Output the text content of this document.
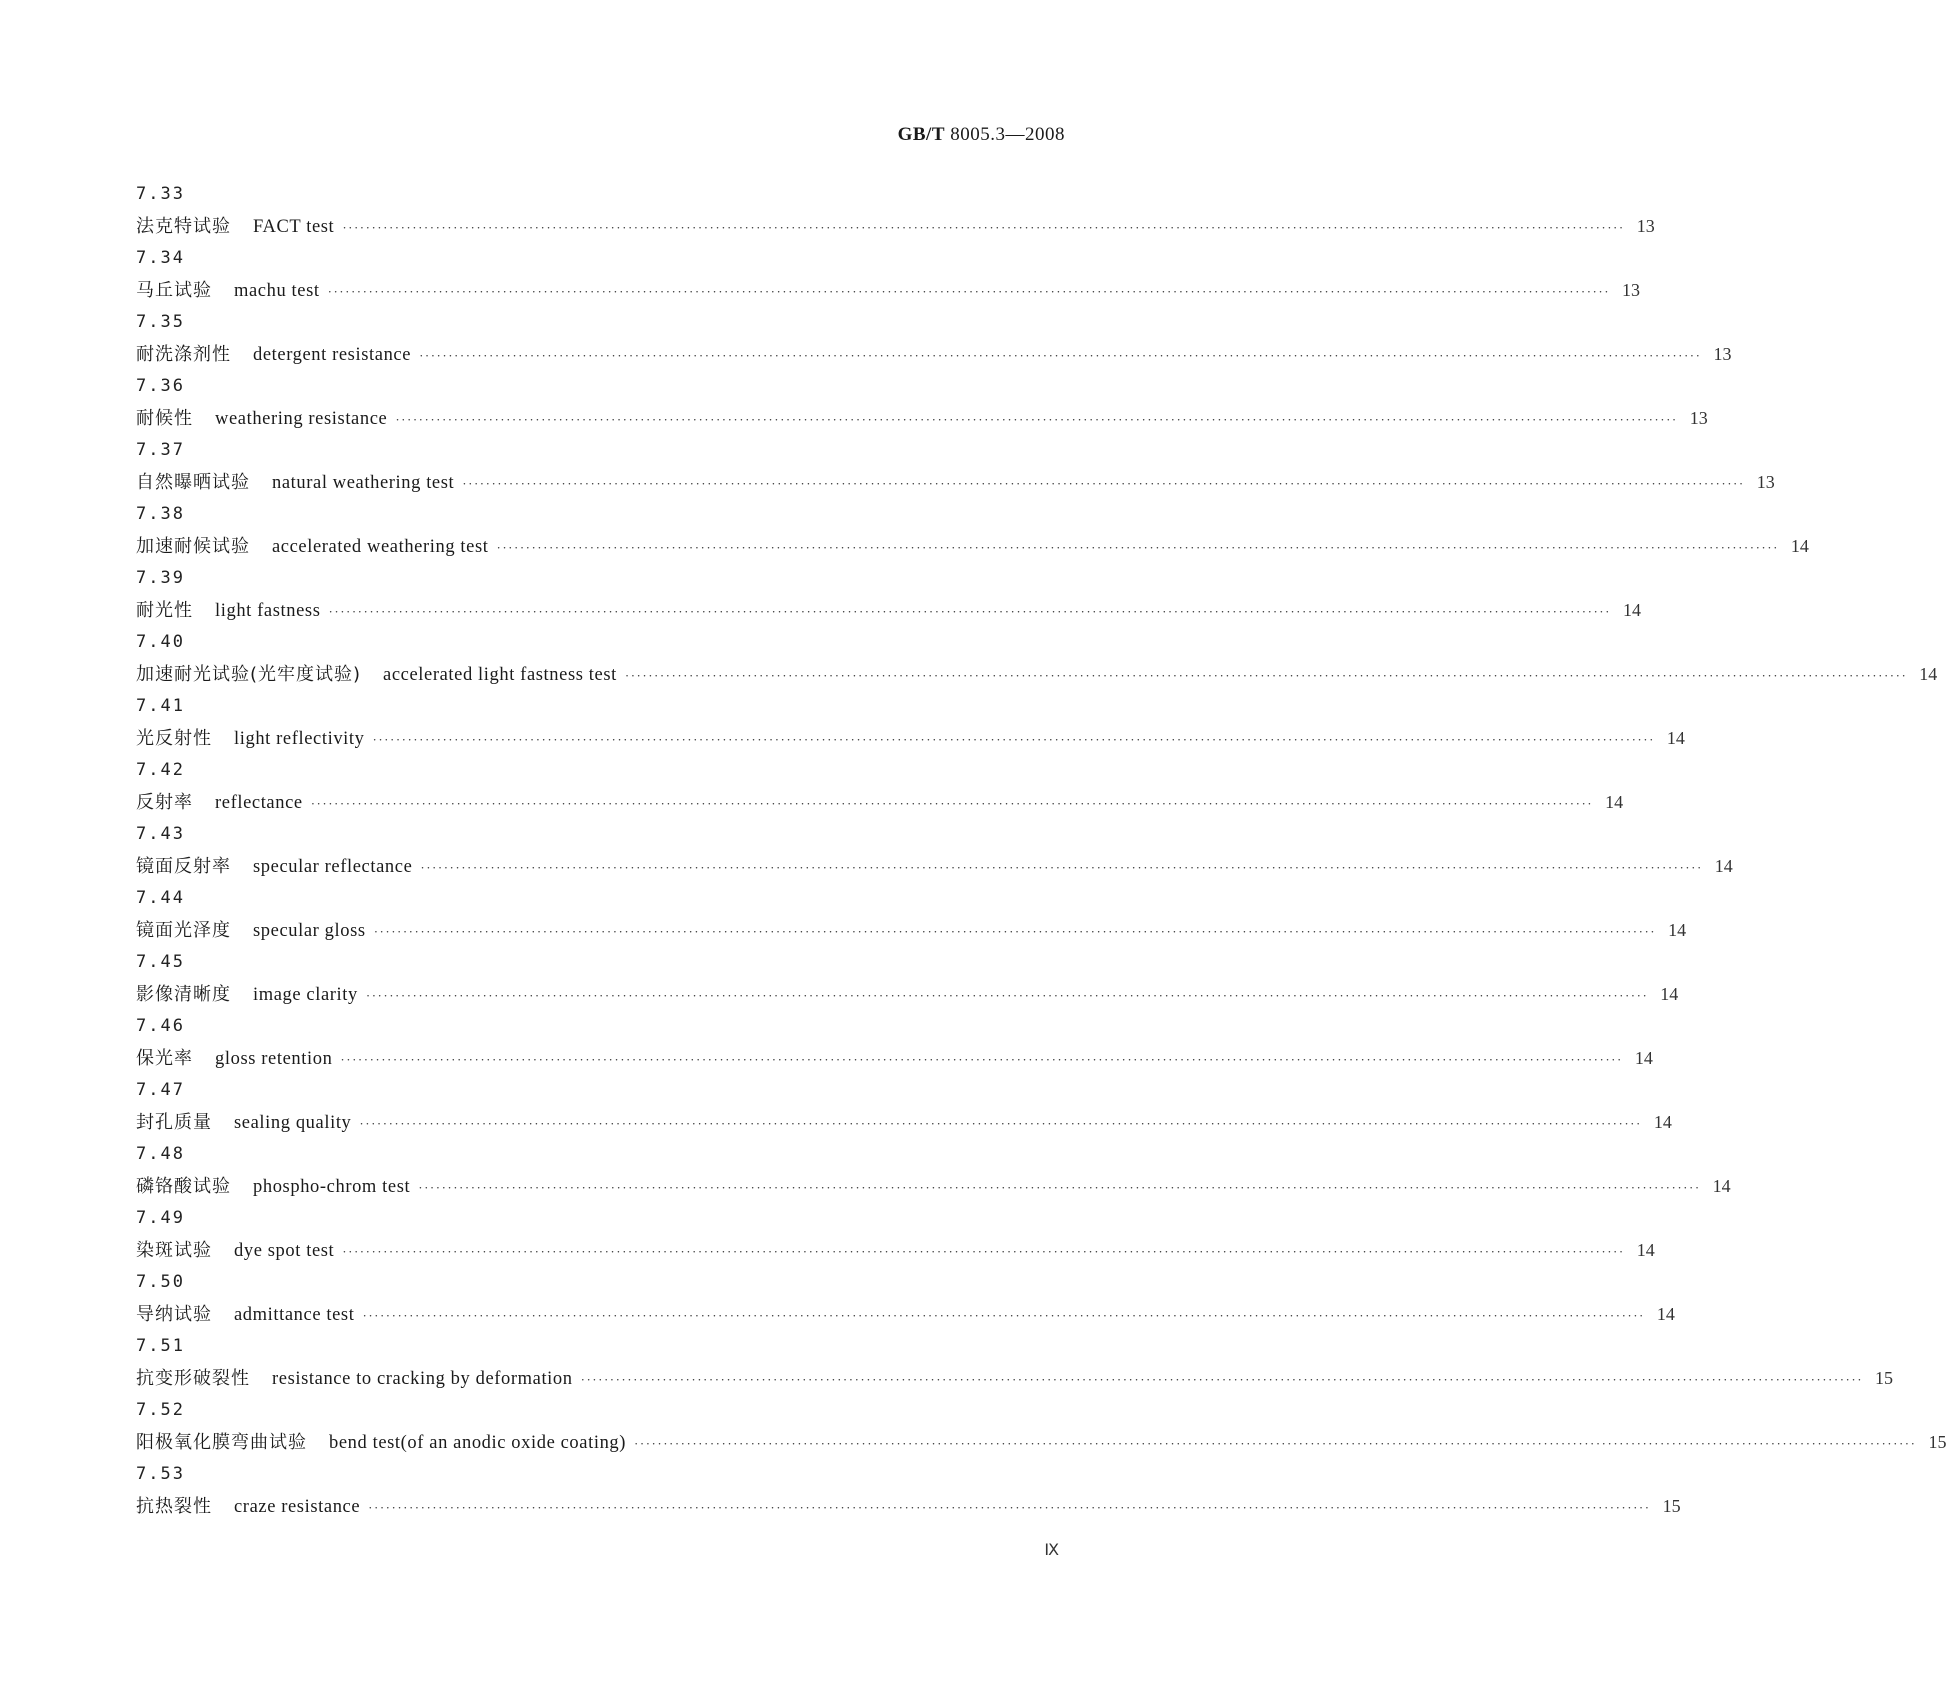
GB/T 8005.3—2008
7.33
法克特试验 FACT test ···························································································································································································································· 13
7.34
马丘试验 machu test ···························································································································································································································· 13
7.35
耐洗涤剂性 detergent resistance ···························································································································································································································· 13
7.36
耐候性 weathering resistance ···························································································································································································································· 13
7.37
自然曝晒试验 natural weathering test ···························································································································································································································· 13
7.38
加速耐候试验 accelerated weathering test ···························································································································································································································· 14
7.39
耐光性 light fastness ···························································································································································································································· 14
7.40
加速耐光试验(光牢度试验) accelerated light fastness test ···························································································································································································································· 14
7.41
光反射性 light reflectivity ···························································································································································································································· 14
7.42
反射率 reflectance ···························································································································································································································· 14
7.43
镜面反射率 specular reflectance ···························································································································································································································· 14
7.44
镜面光泽度 specular gloss ···························································································································································································································· 14
7.45
影像清晰度 image clarity ···························································································································································································································· 14
7.46
保光率 gloss retention ···························································································································································································································· 14
7.47
封孔质量 sealing quality ···························································································································································································································· 14
7.48
磷铬酸试验 phospho-chrom test ···························································································································································································································· 14
7.49
染斑试验 dye spot test ···························································································································································································································· 14
7.50
导纳试验 admittance test ···························································································································································································································· 14
7.51
抗变形破裂性 resistance to cracking by deformation ···························································································································································································································· 15
7.52
阳极氧化膜弯曲试验 bend test(of an anodic oxide coating) ···························································································································································································································· 15
7.53
抗热裂性 craze resistance ···························································································································································································································· 15
Ⅸ
